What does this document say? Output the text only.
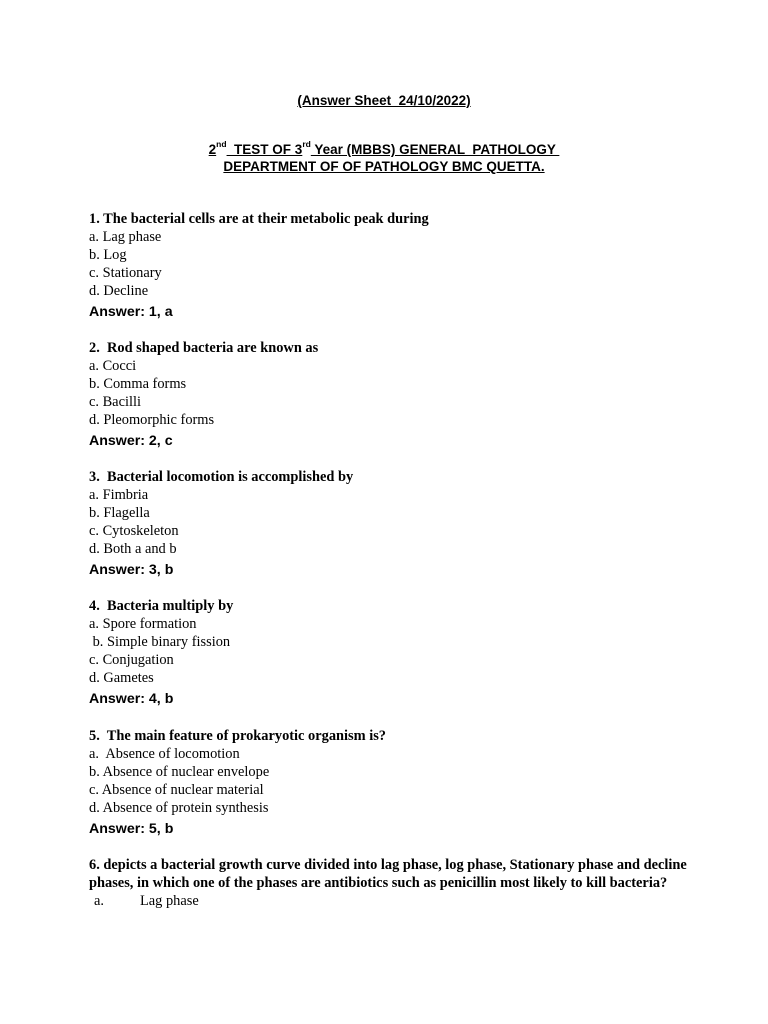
(Answer Sheet  24/10/2022)
2nd  TEST OF 3rd Year (MBBS) GENERAL  PATHOLOGY
DEPARTMENT OF OF PATHOLOGY BMC QUETTA.
1. The bacterial cells are at their metabolic peak during
a. Lag phase
b. Log
c. Stationary
d. Decline
Answer: 1, a
2.  Rod shaped bacteria are known as
a. Cocci
b. Comma forms
c. Bacilli
d. Pleomorphic forms
Answer: 2, c
3.  Bacterial locomotion is accomplished by
a. Fimbria
b. Flagella
c. Cytoskeleton
d. Both a and b
Answer: 3, b
4.  Bacteria multiply by
a. Spore formation
b. Simple binary fission
c. Conjugation
d. Gametes
Answer: 4, b
5.  The main feature of prokaryotic organism is?
a.  Absence of locomotion
b. Absence of nuclear envelope
c. Absence of nuclear material
d. Absence of protein synthesis
Answer: 5, b
6. depicts a bacterial growth curve divided into lag phase, log phase, Stationary phase and decline phases, in which one of the phases are antibiotics such as penicillin most likely to kill bacteria?
a.	Lag phase
